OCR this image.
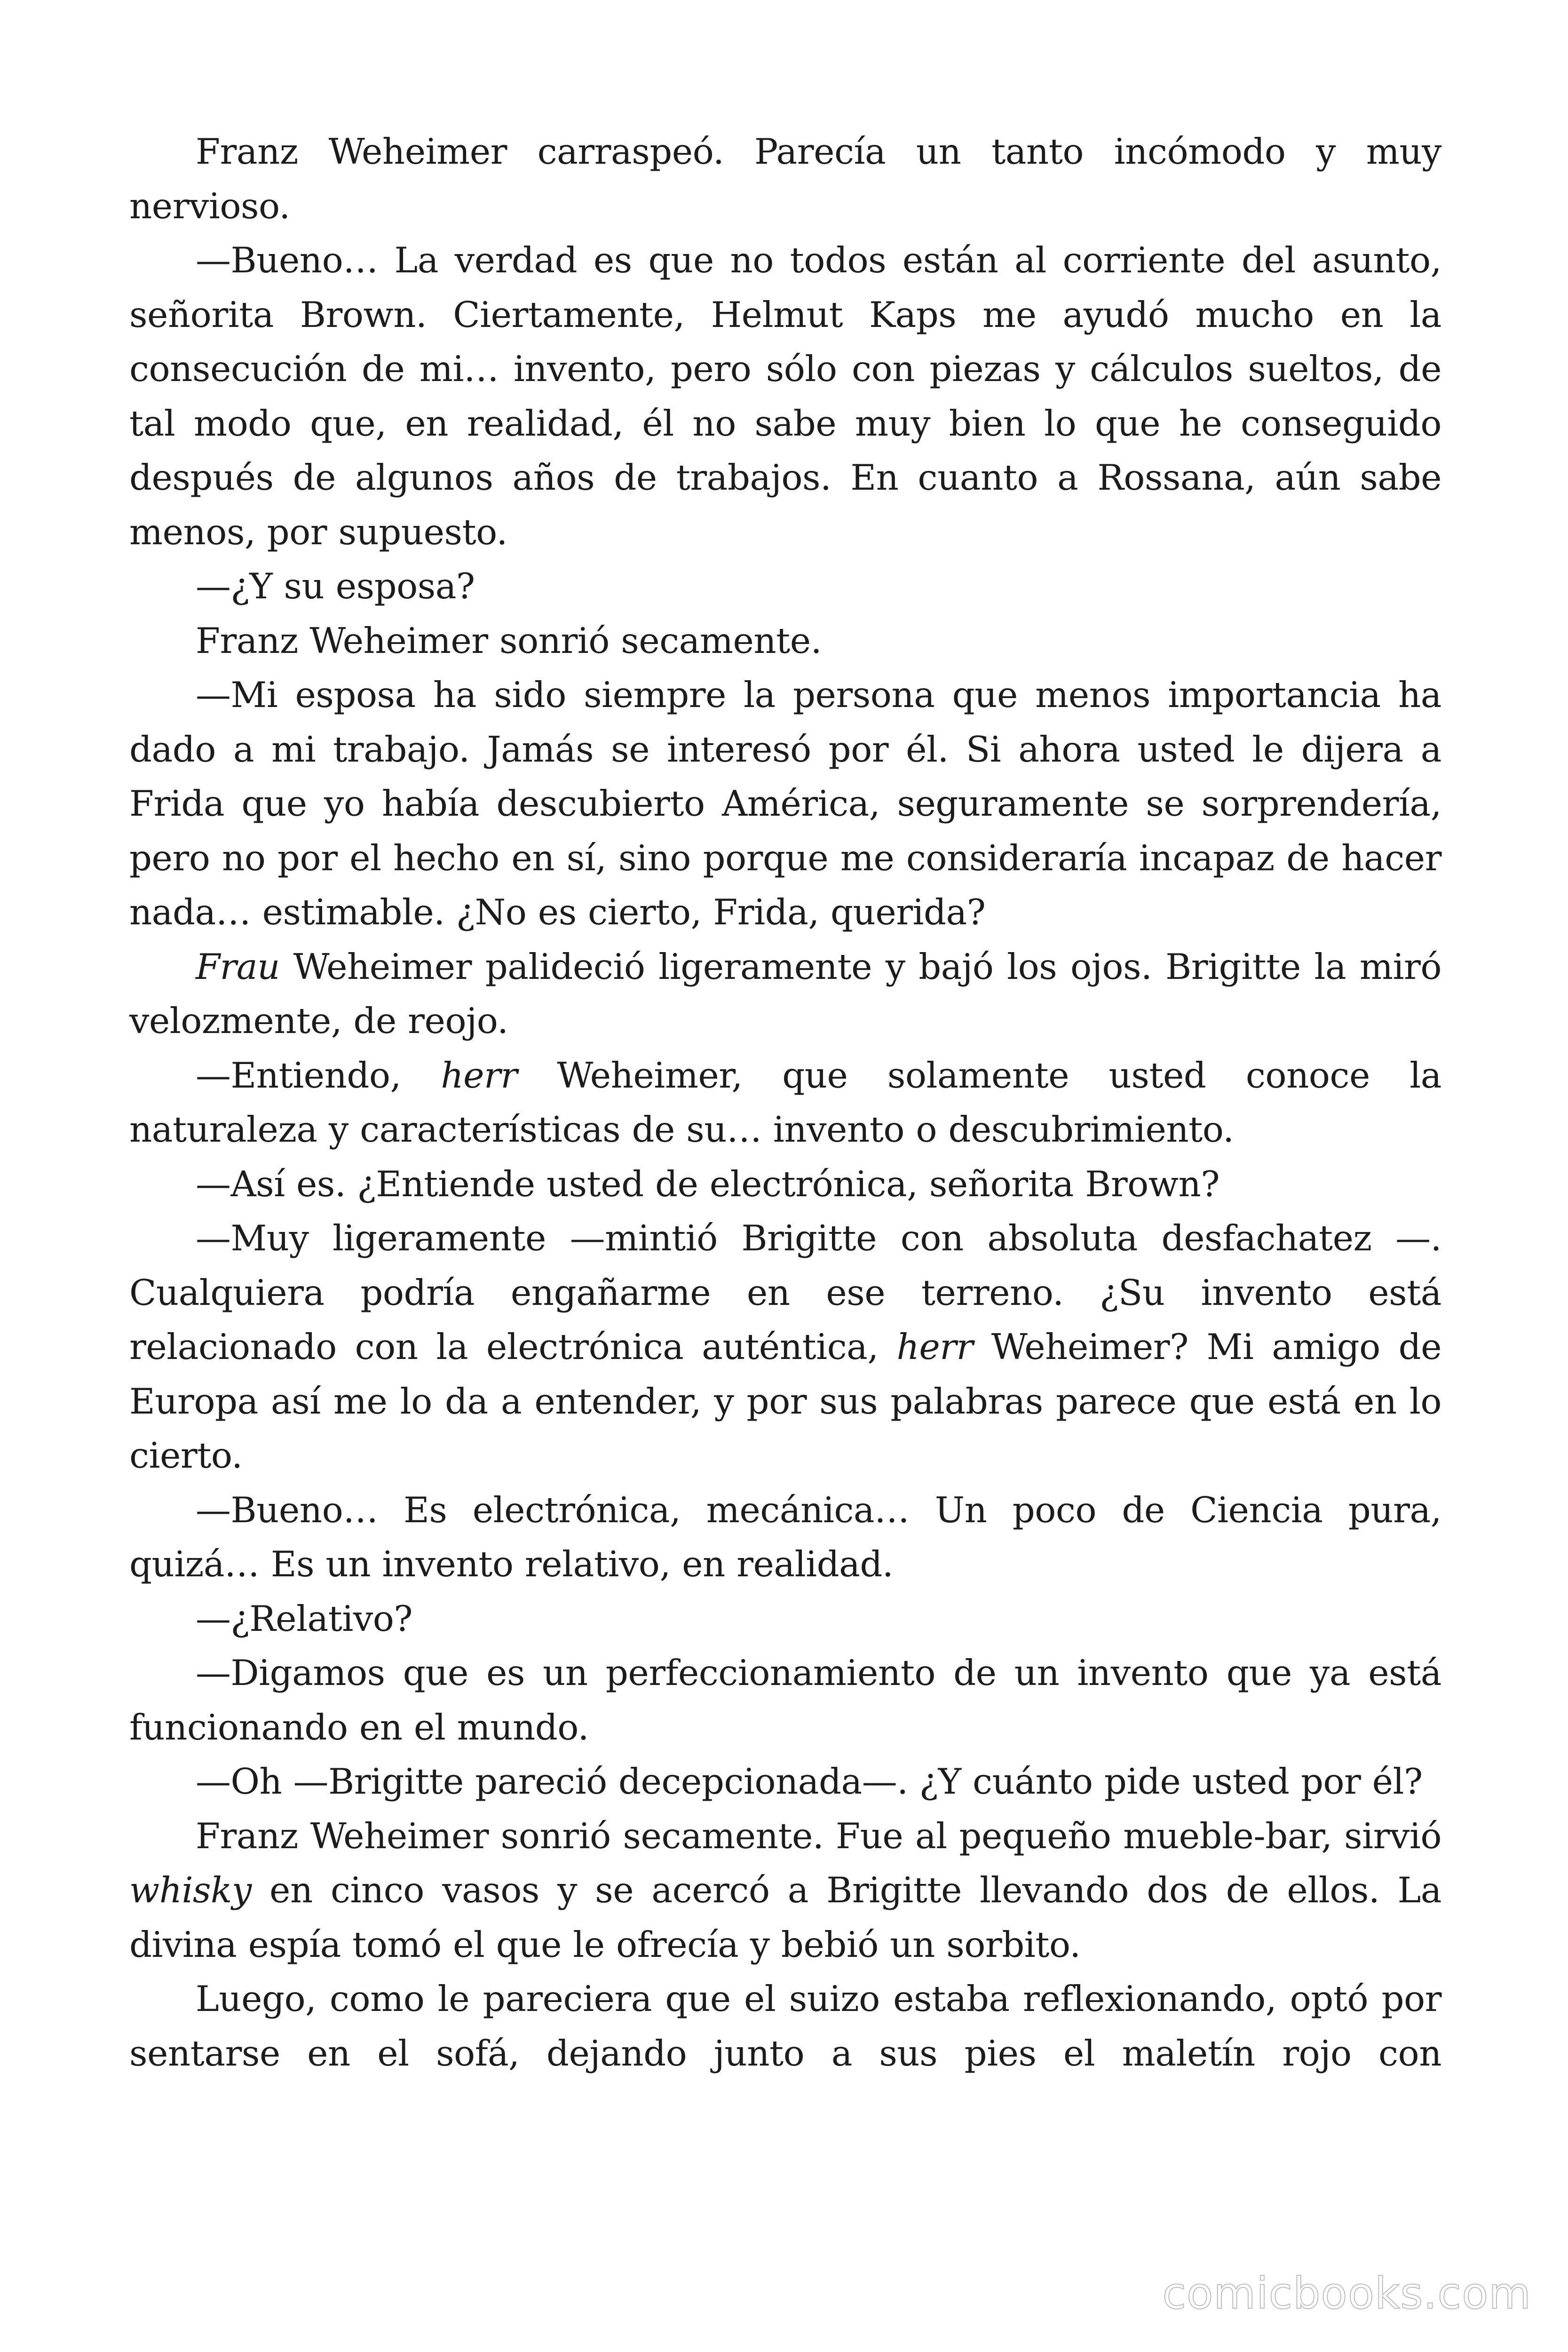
Franz Weheimer carraspeó. Parecía un tanto incómodo y muy nervioso.

—Bueno… La verdad es que no todos están al corriente del asunto, señorita Brown. Ciertamente, Helmut Kaps me ayudó mucho en la consecución de mi… invento, pero sólo con piezas y cálculos sueltos, de tal modo que, en realidad, él no sabe muy bien lo que he conseguido después de algunos años de trabajos. En cuanto a Rossana, aún sabe menos, por supuesto.

—¿Y su esposa?

Franz Weheimer sonrió secamente.

—Mi esposa ha sido siempre la persona que menos importancia ha dado a mi trabajo. Jamás se interesó por él. Si ahora usted le dijera a Frida que yo había descubierto América, seguramente se sorprendería, pero no por el hecho en sí, sino porque me consideraría incapaz de hacer nada… estimable. ¿No es cierto, Frida, querida?

Frau Weheimer palideció ligeramente y bajó los ojos. Brigitte la miró velozmente, de reojo.

—Entiendo, herr Weheimer, que solamente usted conoce la naturaleza y características de su… invento o descubrimiento.

—Así es. ¿Entiende usted de electrónica, señorita Brown?

—Muy ligeramente —mintió Brigitte con absoluta desfachatez —. Cualquiera podría engañarme en ese terreno. ¿Su invento está relacionado con la electrónica auténtica, herr Weheimer? Mi amigo de Europa así me lo da a entender, y por sus palabras parece que está en lo cierto.

—Bueno… Es electrónica, mecánica… Un poco de Ciencia pura, quizá… Es un invento relativo, en realidad.

—¿Relativo?

—Digamos que es un perfeccionamiento de un invento que ya está funcionando en el mundo.

—Oh —Brigitte pareció decepcionada—. ¿Y cuánto pide usted por él?

Franz Weheimer sonrió secamente. Fue al pequeño mueble-bar, sirvió whisky en cinco vasos y se acercó a Brigitte llevando dos de ellos. La divina espía tomó el que le ofrecía y bebió un sorbito.

Luego, como le pareciera que el suizo estaba reflexionando, optó por sentarse en el sofá, dejando junto a sus pies el maletín rojo con

comicbooks.com
